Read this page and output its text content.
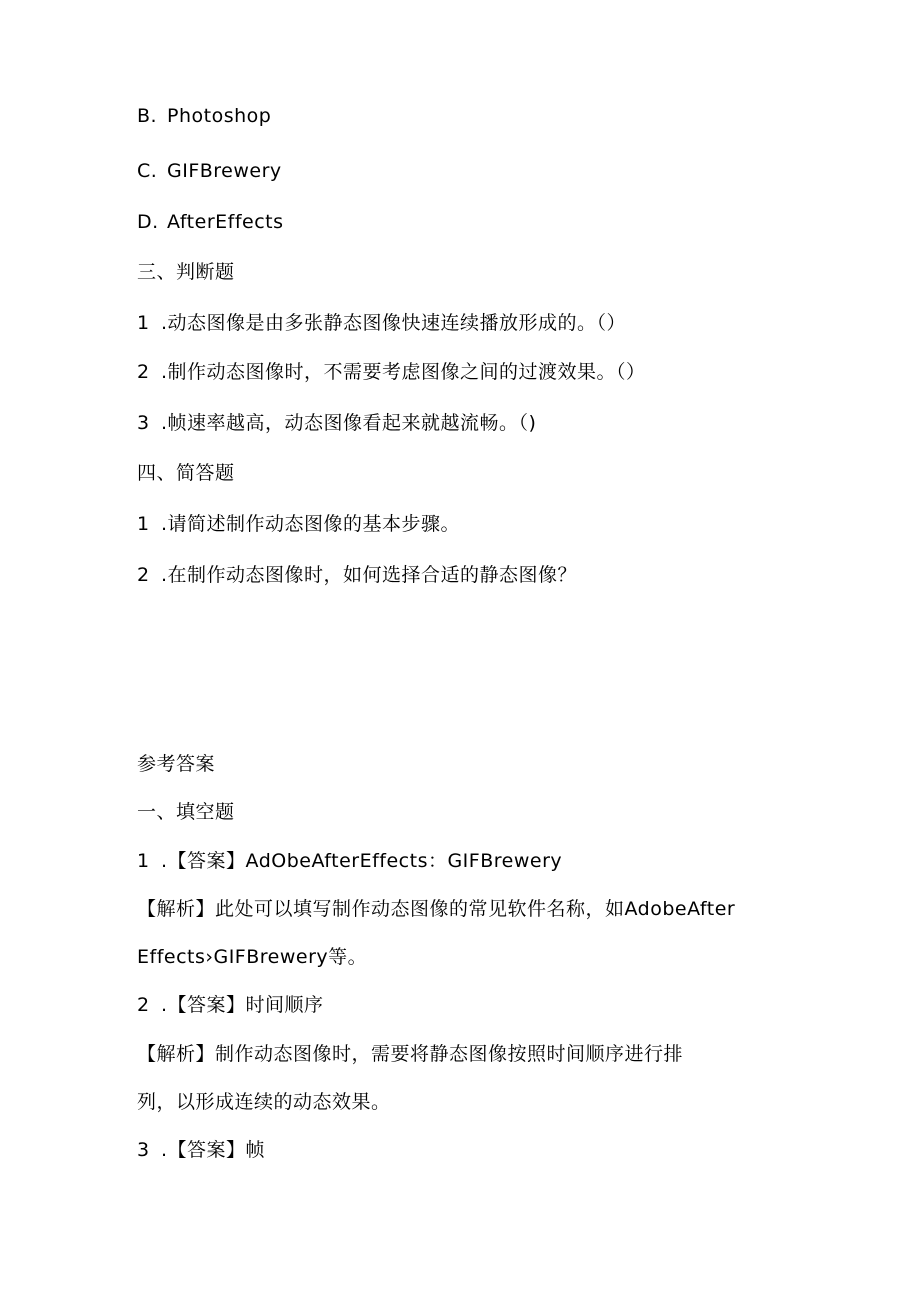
B. Photoshop
C. GIFBrewery
D. AfterEffects
三、判断题
1 .动态图像是由多张静态图像快速连续播放形成的。（）
2 .制作动态图像时，不需要考虑图像之间的过渡效果。（）
3 .帧速率越高，动态图像看起来就越流畅。（)
四、简答题
1 .请简述制作动态图像的基本步骤。
2 .在制作动态图像时，如何选择合适的静态图像？
参考答案
一、填空题
1 .【答案】AdObeAfterEffects：GIFBrewery
【解析】此处可以填写制作动态图像的常见软件名称，如AdobeAfter
Effects›GIFBrewery等。
2 .【答案】时间顺序
【解析】制作动态图像时，需要将静态图像按照时间顺序进行排
列，以形成连续的动态效果。
3 .【答案】帧
